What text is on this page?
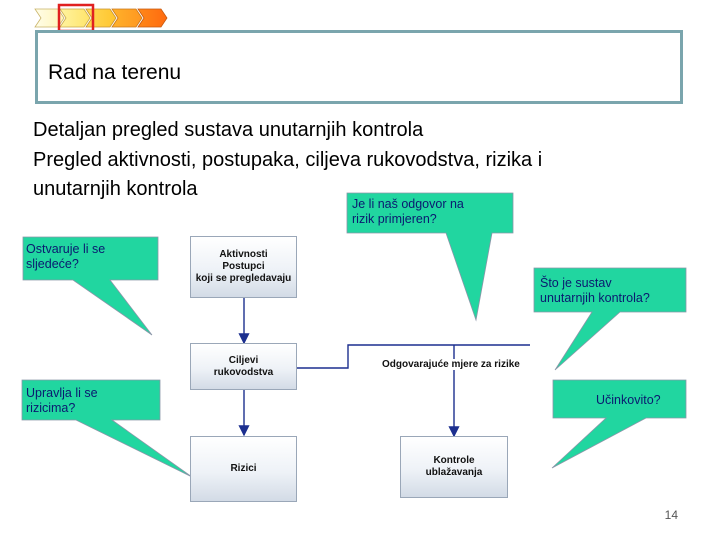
Rad na terenu
Detaljan pregled sustava unutarnjih kontrola
Pregled aktivnosti, postupaka, ciljeva rukovodstva, rizika i
unutarnjih kontrola
Aktivnosti
Postupci
koji se pregledavaju
Ciljevi
rukovodstva
Rizici
Kontrole
ublažavanja
Odgovarajuće mjere za rizike
Je li naš odgovor na
rizik primjeren?
Ostvaruje li se
sljedeće?
Što je sustav
unutarnjih kontrola?
Upravlja li se
rizicima?
Učinkovito?
14
